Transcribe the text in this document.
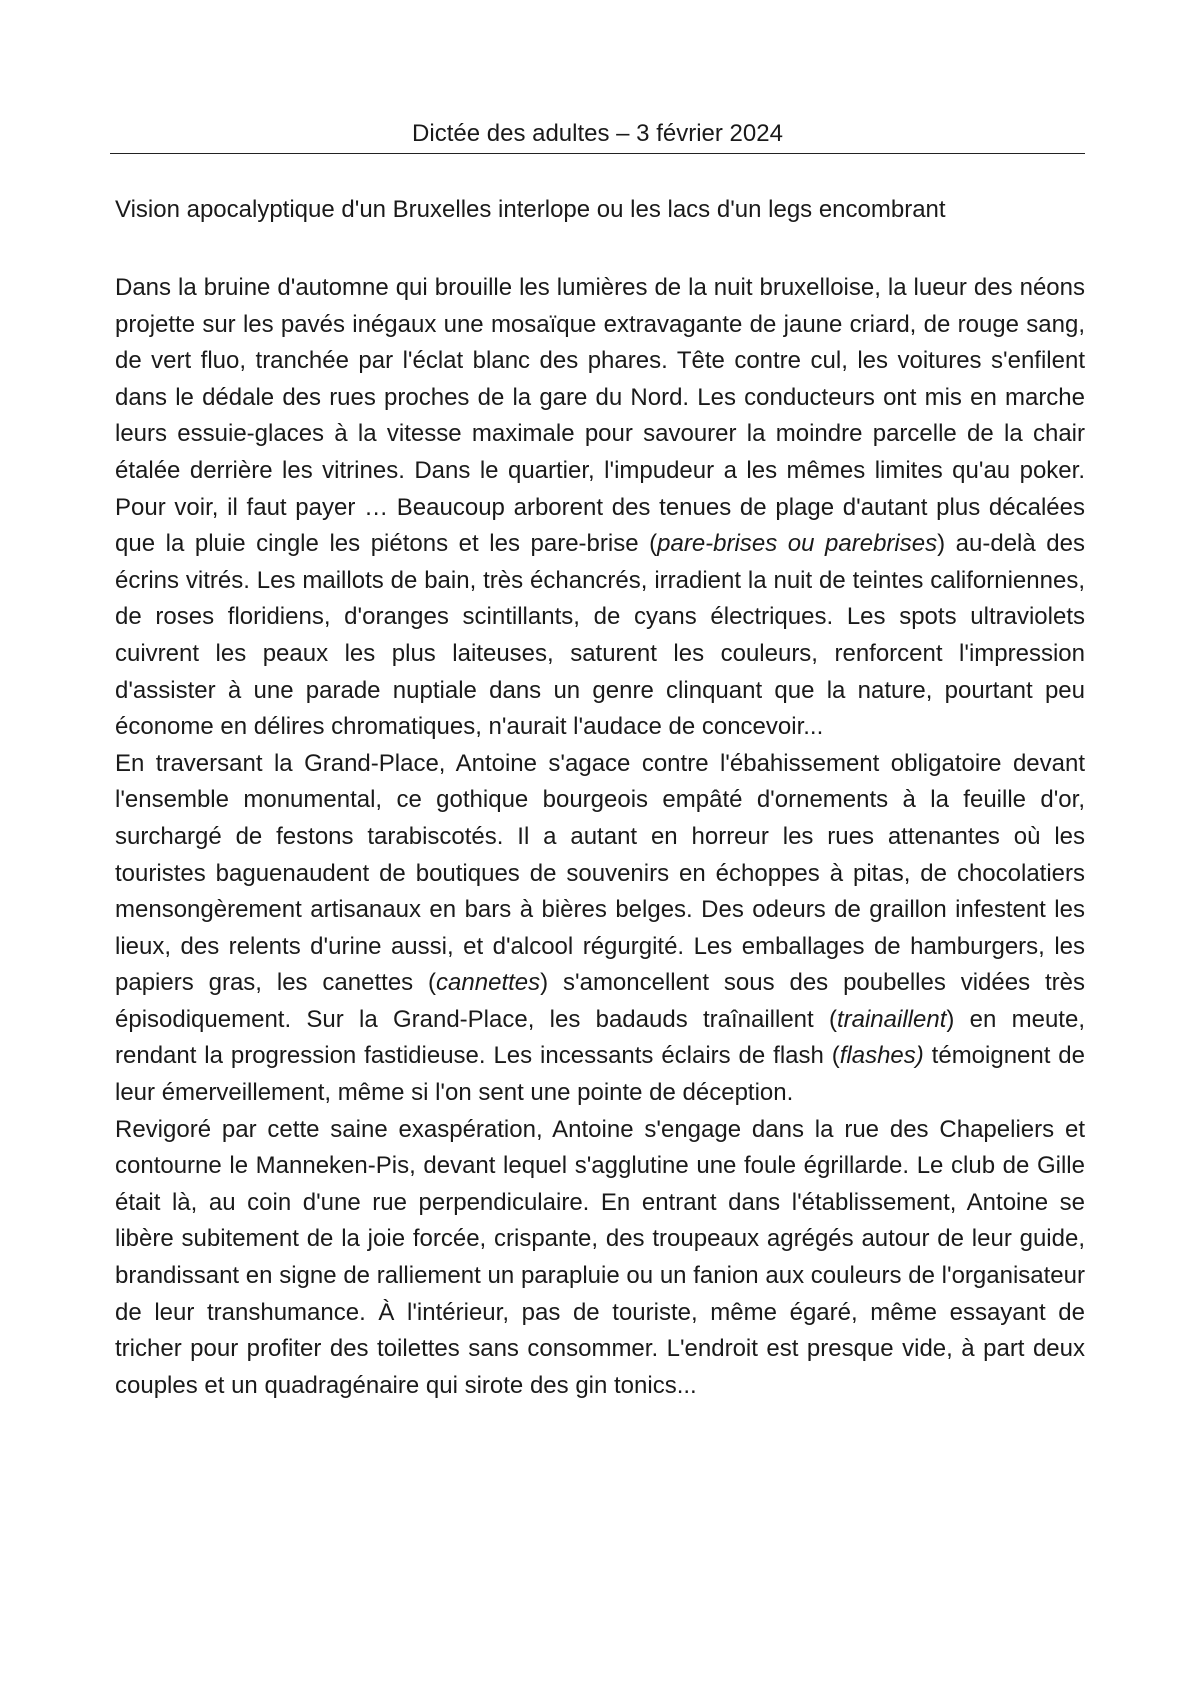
Dictée des adultes – 3 février 2024
Vision apocalyptique d'un Bruxelles interlope ou les lacs d'un legs encombrant

Dans la bruine d'automne qui brouille les lumières de la nuit bruxelloise, la lueur des néons projette sur les pavés inégaux une mosaïque extravagante de jaune criard, de rouge sang, de vert fluo, tranchée par l'éclat blanc des phares. Tête contre cul, les voitures s'enfilent dans le dédale des rues proches de la gare du Nord. Les conducteurs ont mis en marche leurs essuie-glaces à la vitesse maximale pour savourer la moindre parcelle de la chair étalée derrière les vitrines. Dans le quartier, l'impudeur a les mêmes limites qu'au poker. Pour voir, il faut payer … Beaucoup arborent des tenues de plage d'autant plus décalées que la pluie cingle les piétons et les pare-brise (pare-brises ou parebrises) au-delà des écrins vitrés. Les maillots de bain, très échancrés, irradient la nuit de teintes californiennes, de roses floridiens, d'oranges scintillants, de cyans électriques. Les spots ultraviolets cuivrent les peaux les plus laiteuses, saturent les couleurs, renforcent l'impression d'assister à une parade nuptiale dans un genre clinquant que la nature, pourtant peu économe en délires chromatiques, n'aurait l'audace de concevoir...

En traversant la Grand-Place, Antoine s'agace contre l'ébahissement obligatoire devant l'ensemble monumental, ce gothique bourgeois empâté d'ornements à la feuille d'or, surchargé de festons tarabiscotés. Il a autant en horreur les rues attenantes où les touristes baguenaudent de boutiques de souvenirs en échoppes à pitas, de chocolatiers mensongèrement artisanaux en bars à bières belges. Des odeurs de graillon infestent les lieux, des relents d'urine aussi, et d'alcool régurgité. Les emballages de hamburgers, les papiers gras, les canettes (cannettes) s'amoncellent sous des poubelles vidées très épisodiquement. Sur la Grand-Place, les badauds traînaillent (trainaillent) en meute, rendant la progression fastidieuse. Les incessants éclairs de flash (flashes) témoignent de leur émerveillement, même si l'on sent une pointe de déception.

Revigoré par cette saine exaspération, Antoine s'engage dans la rue des Chapeliers et contourne le Manneken-Pis, devant lequel s'agglutine une foule égrillarde. Le club de Gille était là, au coin d'une rue perpendiculaire. En entrant dans l'établissement, Antoine se libère subitement de la joie forcée, crispante, des troupeaux agrégés autour de leur guide, brandissant en signe de ralliement un parapluie ou un fanion aux couleurs de l'organisateur de leur transhumance. À l'intérieur, pas de touriste, même égaré, même essayant de tricher pour profiter des toilettes sans consommer. L'endroit est presque vide, à part deux couples et un quadragénaire qui sirote des gin tonics...
